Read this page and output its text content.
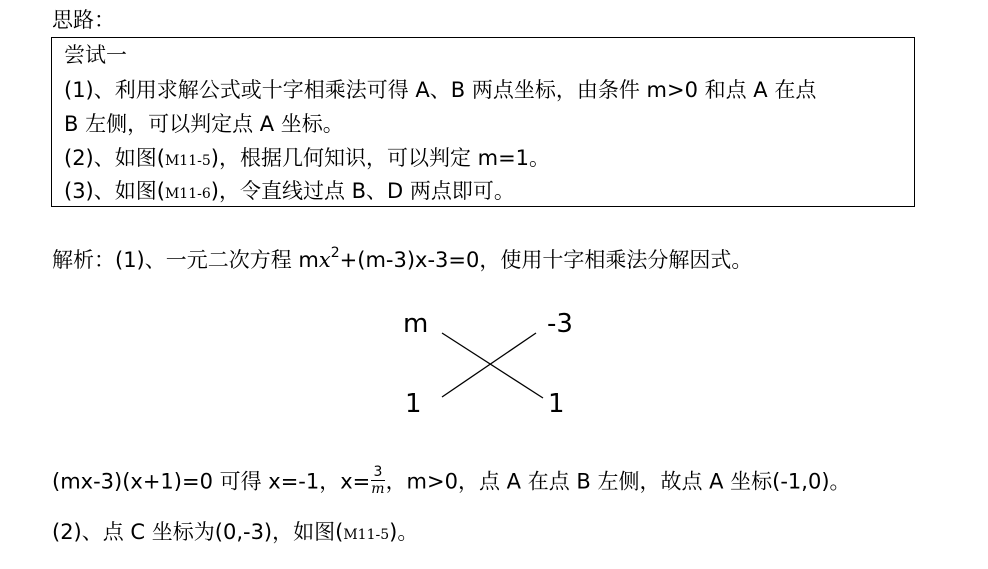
思路：
尝试一
(1)、利用求解公式或十字相乘法可得 A、B 两点坐标，由条件 m>0 和点 A 在点
B 左侧，可以判定点 A 坐标。
(2)、如图(M11-5)，根据几何知识，可以判定 m=1。
(3)、如图(M11-6)，令直线过点 B、D 两点即可。
解析：(1)、一元二次方程 $mx^2+(m-3)x-3=0$，使用十字相乘法分解因式。
m	-3
1	1
(mx-3)(x+1)=0 可得 x=-1，$x= \frac{3}{m}$ ，m>0，点 A 在点 B 左侧，故点 A 坐标(-1,0)。
(2)、点 C 坐标为(0,-3)，如图(M11-5)。
